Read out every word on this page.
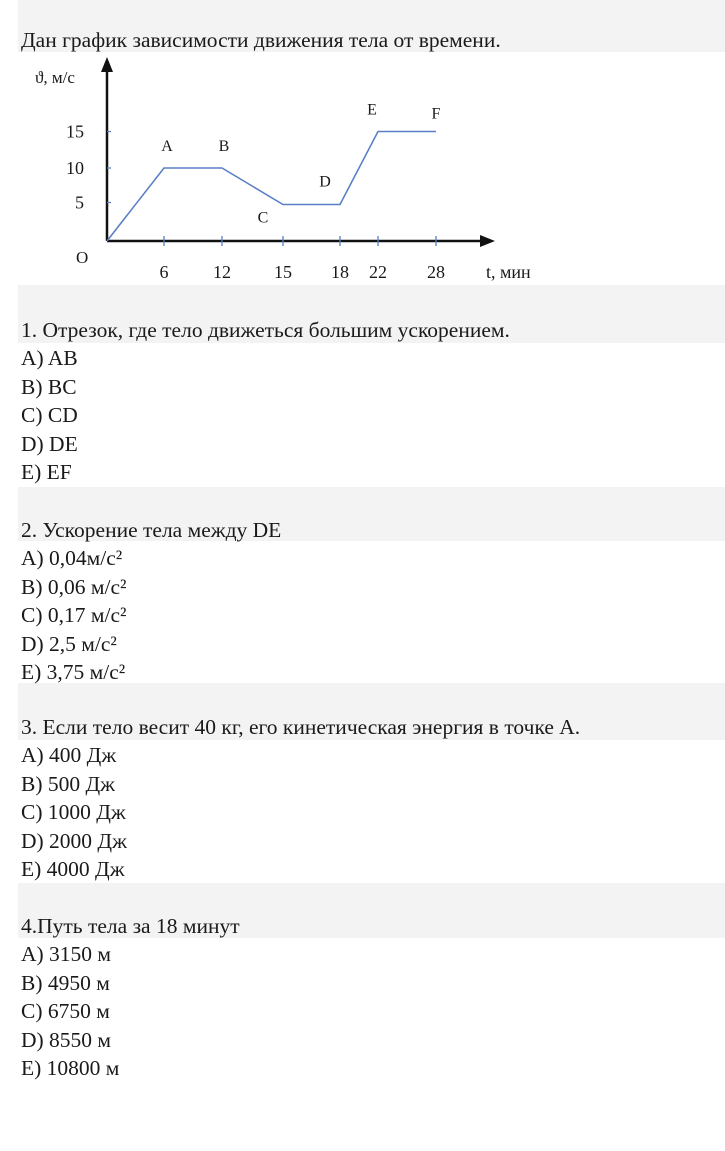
Дан график зависимости движения тела от времени.
ϑ, м/с
t, мин
O
6 12 15 18 22 28
5
10
15
A	B
C
D
E	F
1. Отрезок, где тело движеться большим ускорением.
A) AB
B) BC
C) CD
D) DE
E) EF
2. Ускорение тела между DE
A) 0,04м/с²
B) 0,06 м/с²
C) 0,17 м/с²
D) 2,5 м/с²
E) 3,75 м/с²
3. Если тело весит 40 кг, его кинетическая энергия в точке А.
A) 400 Дж
B) 500 Дж
C) 1000 Дж
D) 2000 Дж
E) 4000 Дж
4.Путь тела за 18 минут
A) 3150 м
B) 4950 м
C) 6750 м
D) 8550 м
E) 10800 м
